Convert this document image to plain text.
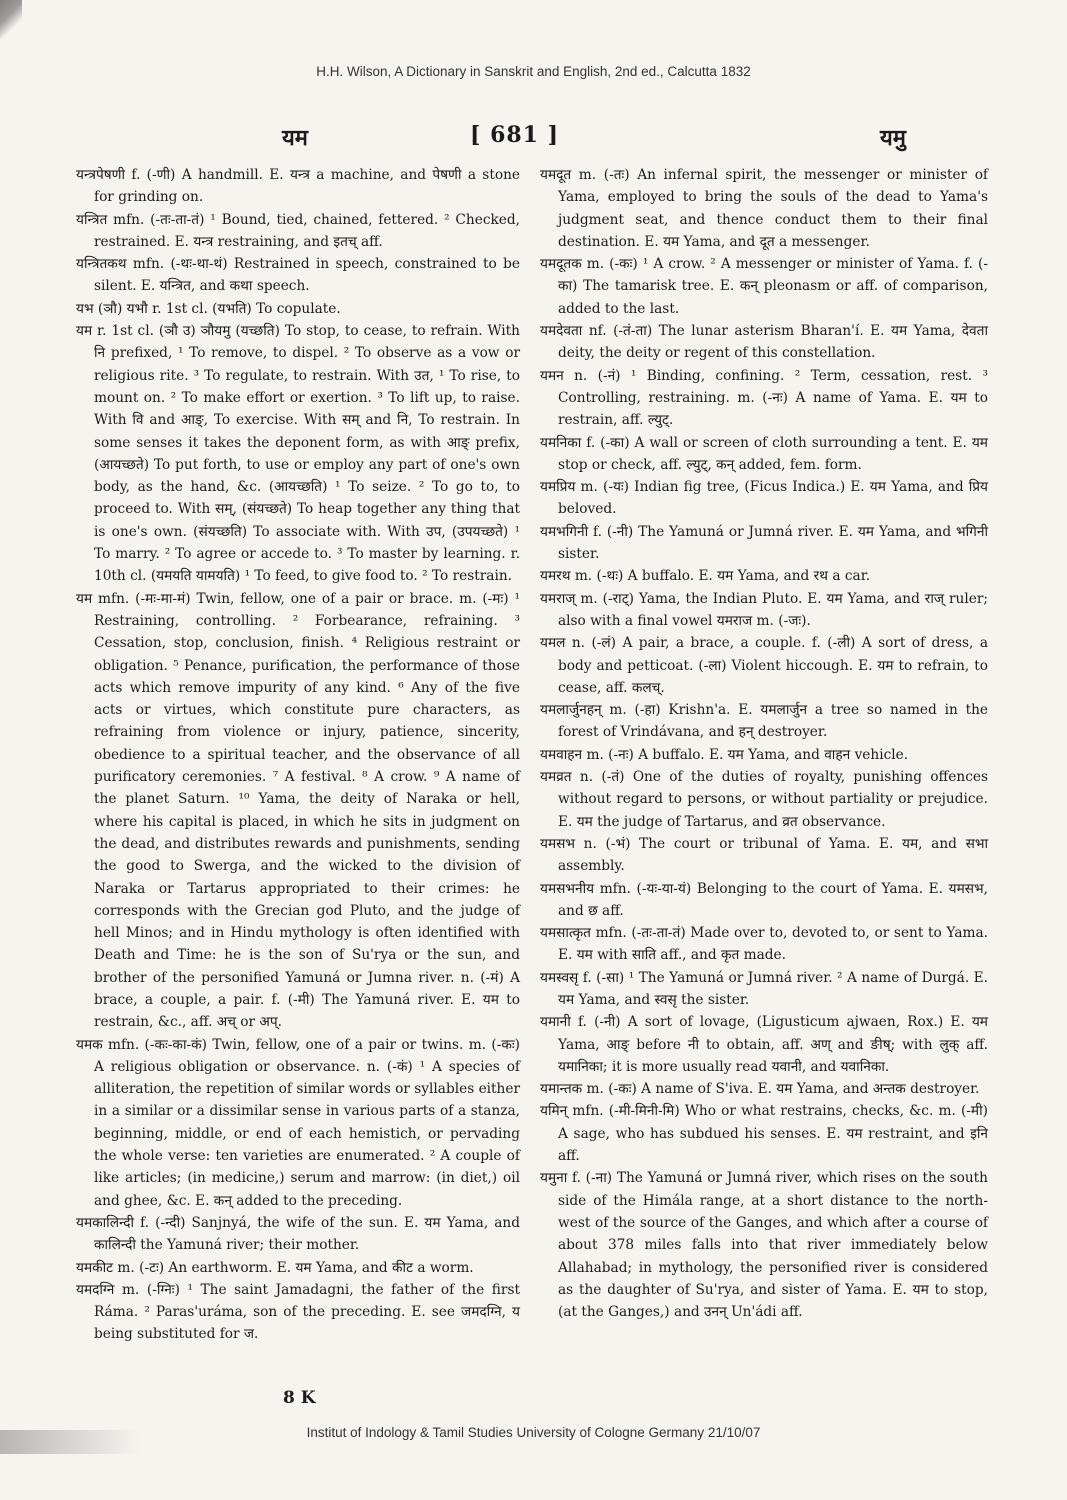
H.H. Wilson, A Dictionary in Sanskrit and English, 2nd ed., Calcutta 1832
यम	[ 681 ]	यमु

यन्त्रपेषणी f. (-णी) A handmill. E. यन्त्र a machine, and पेषणी a stone for grinding on.

यन्त्रित mfn. (-तः-ता-तं) ¹ Bound, tied, chained, fettered. ² Checked, restrained. E. यन्त्र restraining, and इतच् aff.

यन्त्रितकथ mfn. (-थः-था-थं) Restrained in speech, constrained to be silent. E. यन्त्रित, and कथा speech.

यभ (ञौ) यभौ r. 1st cl. (यभति) To copulate.

यम r. 1st cl. (ञौ उ) ञौयमु (यच्छति) To stop, to cease, to refrain. With नि prefixed, ¹ To remove, to dispel. ² To observe as a vow or religious rite. ³ To regulate, to restrain. With उत, ¹ To rise, to mount on. ² To make effort or exertion. ³ To lift up, to raise. With वि and आङ्, To exercise. With सम् and नि, To restrain. In some senses it takes the deponent form, as with आङ् prefix, (आयच्छते) To put forth, to use or employ any part of one's own body, as the hand, &c. (आयच्छति) ¹ To seize. ² To go to, to proceed to. With सम्, (संयच्छते) To heap together any thing that is one's own. (संयच्छति) To associate with. With उप, (उपयच्छते) ¹ To marry. ² To agree or accede to. ³ To master by learning. r. 10th cl. (यमयति यामयति) ¹ To feed, to give food to. ² To restrain.

यम mfn. (-मः-मा-मं) Twin, fellow, one of a pair or brace. m. (-मः) ¹ Restraining, controlling. ² Forbearance, refraining. ³ Cessation, stop, conclusion, finish. ⁴ Religious restraint or obligation. ⁵ Penance, purification, the performance of those acts which remove impurity of any kind. ⁶ Any of the five acts or virtues, which constitute pure characters, as refraining from violence or injury, patience, sincerity, obedience to a spiritual teacher, and the observance of all purificatory ceremonies. ⁷ A festival. ⁸ A crow. ⁹ A name of the planet Saturn. ¹⁰ Yama, the deity of Naraka or hell, where his capital is placed, in which he sits in judgment on the dead, and distributes rewards and punishments, sending the good to Swerga, and the wicked to the division of Naraka or Tartarus appropriated to their crimes: he corresponds with the Grecian god Pluto, and the judge of hell Minos; and in Hindu mythology is often identified with Death and Time: he is the son of Su'rya or the sun, and brother of the personified Yamuná or Jumna river. n. (-मं) A brace, a couple, a pair. f. (-मी) The Yamuná river. E. यम to restrain, &c., aff. अच् or अप्.

यमक mfn. (-कः-का-कं) Twin, fellow, one of a pair or twins. m. (-कः) A religious obligation or observance. n. (-कं) ¹ A species of alliteration, the repetition of similar words or syllables either in a similar or a dissimilar sense in various parts of a stanza, beginning, middle, or end of each hemistich, or pervading the whole verse: ten varieties are enumerated. ² A couple of like articles; (in medicine,) serum and marrow: (in diet,) oil and ghee, &c. E. कन् added to the preceding.

यमकालिन्दी f. (-न्दी) Sanjnyá, the wife of the sun. E. यम Yama, and कालिन्दी the Yamuná river; their mother.

यमकीट m. (-टः) An earthworm. E. यम Yama, and कीट a worm.

यमदग्नि m. (-ग्निः) ¹ The saint Jamadagni, the father of the first Ráma. ² Paras'uráma, son of the preceding. E. see जमदग्नि, य being substituted for ज.

यमदूत m. (-तः) An infernal spirit, the messenger or minister of Yama, employed to bring the souls of the dead to Yama's judgment seat, and thence conduct them to their final destination. E. यम Yama, and दूत a messenger.

यमदूतक m. (-कः) ¹ A crow. ² A messenger or minister of Yama. f. (-का) The tamarisk tree. E. कन् pleonasm or aff. of comparison, added to the last.

यमदेवता nf. (-तं-ता) The lunar asterism Bharan'í. E. यम Yama, देवता deity, the deity or regent of this constellation.

यमन n. (-नं) ¹ Binding, confining. ² Term, cessation, rest. ³ Controlling, restraining. m. (-नः) A name of Yama. E. यम to restrain, aff. ल्युट्.

यमनिका f. (-का) A wall or screen of cloth surrounding a tent. E. यम stop or check, aff. ल्युट्, कन् added, fem. form.

यमप्रिय m. (-यः) Indian fig tree, (Ficus Indica.) E. यम Yama, and प्रिय beloved.

यमभगिनी f. (-नी) The Yamuná or Jumná river. E. यम Yama, and भगिनी sister.

यमरथ m. (-थः) A buffalo. E. यम Yama, and रथ a car.

यमराज् m. (-राट्) Yama, the Indian Pluto. E. यम Yama, and राज् ruler; also with a final vowel यमराज m. (-जः).

यमल n. (-लं) A pair, a brace, a couple. f. (-ली) A sort of dress, a body and petticoat. (-ला) Violent hiccough. E. यम to refrain, to cease, aff. कलच्.

यमलार्जुनहन् m. (-हा) Krishn'a. E. यमलार्जुन a tree so named in the forest of Vrindávana, and हन् destroyer.

यमवाहन m. (-नः) A buffalo. E. यम Yama, and वाहन vehicle.

यमव्रत n. (-तं) One of the duties of royalty, punishing offences without regard to persons, or without partiality or prejudice. E. यम the judge of Tartarus, and व्रत observance.

यमसभ n. (-भं) The court or tribunal of Yama. E. यम, and सभा assembly.

यमसभनीय mfn. (-यः-या-यं) Belonging to the court of Yama. E. यमसभ, and छ aff.

यमसात्कृत mfn. (-तः-ता-तं) Made over to, devoted to, or sent to Yama. E. यम with साति aff., and कृत made.

यमस्वसृ f. (-सा) ¹ The Yamuná or Jumná river. ² A name of Durgá. E. यम Yama, and स्वसृ the sister.

यमानी f. (-नी) A sort of lovage, (Ligusticum ajwaen, Rox.) E. यम Yama, आङ् before नी to obtain, aff. अण् and ङीष्; with लुक् aff. यमानिका; it is more usually read यवानी, and यवानिका.

यमान्तक m. (-कः) A name of S'iva. E. यम Yama, and अन्तक destroyer.

यमिन् mfn. (-मी-मिनी-मि) Who or what restrains, checks, &c. m. (-मी) A sage, who has subdued his senses. E. यम restraint, and इनि aff.

यमुना f. (-ना) The Yamuná or Jumná river, which rises on the south side of the Himála range, at a short distance to the north-west of the source of the Ganges, and which after a course of about 378 miles falls into that river immediately below Allahabad; in mythology, the personified river is considered as the daughter of Su'rya, and sister of Yama. E. यम to stop, (at the Ganges,) and उनन् Un'ádi aff.

8 K
Institut of Indology & Tamil Studies University of Cologne Germany 21/10/07
